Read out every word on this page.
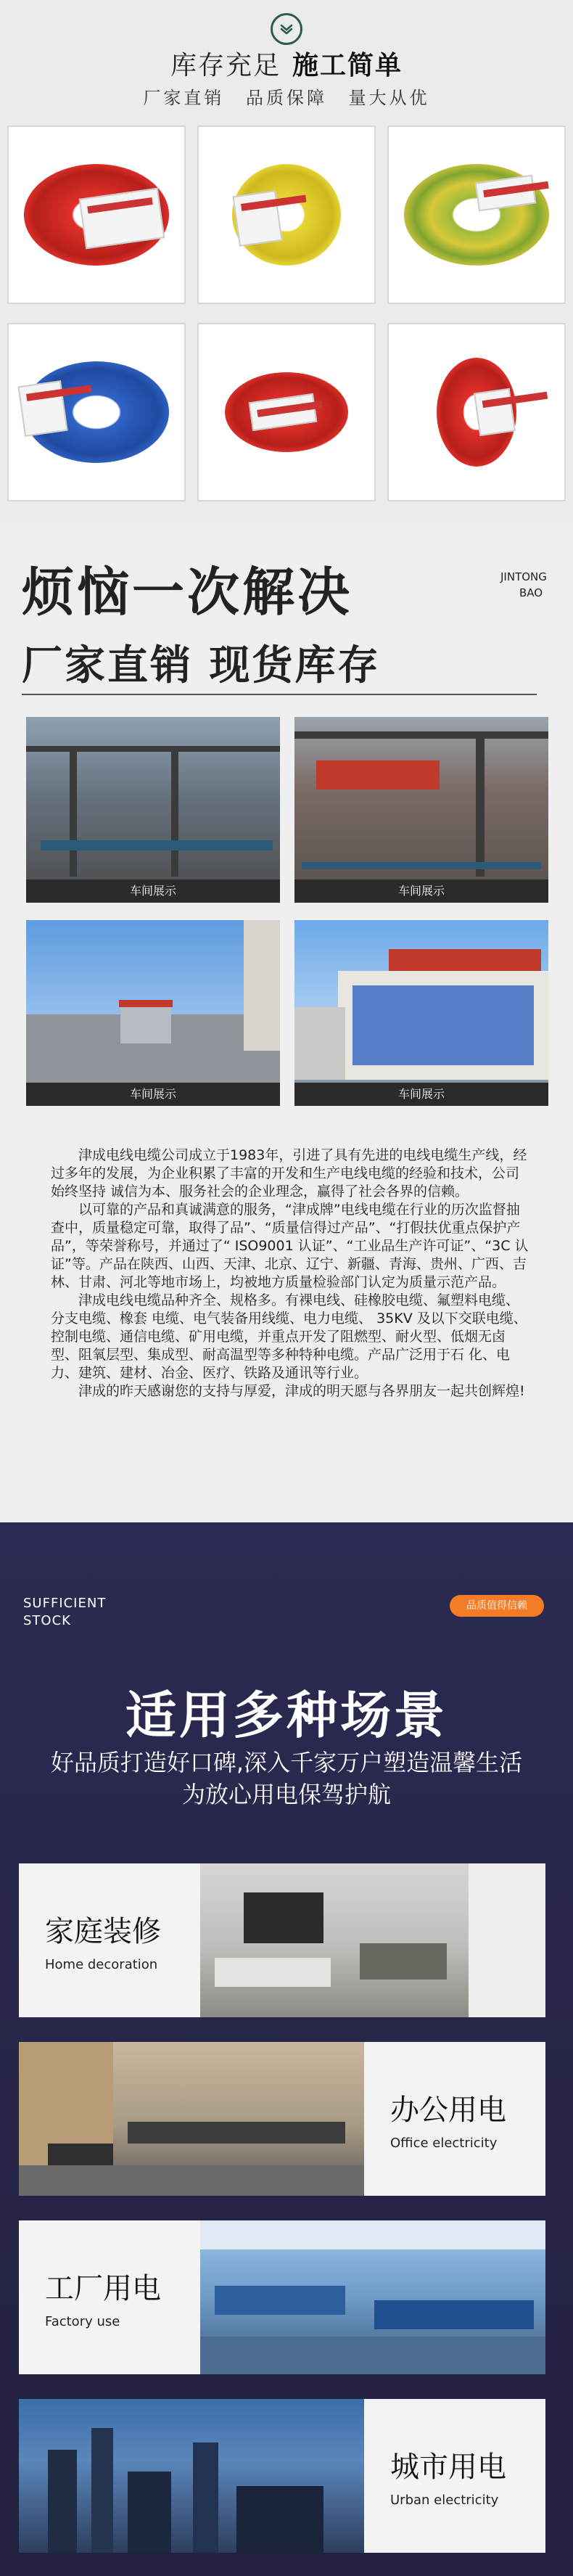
库存充足 施工简单
厂家直销 品质保障 量大从优
烦恼一次解决	JINTONG
BAO
厂家直销 现货库存
车间展示	车间展示
车间展示	车间展示

津成电线电缆公司成立于1983年，引进了具有先进的电线电缆生产线，经过多年的发展，为企业积累了丰富的开发和生产电线电缆的经验和技术，公司始终坚持 诚信为本、服务社会的企业理念，赢得了社会各界的信赖。

以可靠的产品和真诚满意的服务，“津成牌”电线电缆在行业的历次监督抽查中，质量稳定可靠，取得了品”、“质量信得过产品”、“打假扶优重点保护产品”，等荣誉称号，并通过了“ ISO9001 认证”、“工业品生产许可证”、“3C 认证”等。产品在陕西、山西、天津、北京、辽宁、新疆、青海、贵州、广西、吉林、甘肃、河北等地市场上，均被地方质量检验部门认定为质量示范产品。

津成电线电缆品种齐全、规格多。有裸电线、硅橡胶电缆、氟塑料电缆、分支电缆、橡套 电缆、电气装备用线缆、电力电缆、 35KV 及以下交联电缆、控制电缆、通信电缆、矿用电缆，并重点开发了阻燃型、耐火型、低烟无卤型、阻氧层型、集成型、耐高温型等多种特种电缆。产品广泛用于石 化、电力、建筑、建材、冶金、医疗、铁路及通讯等行业。

津成的昨天感谢您的支持与厚爱，津成的明天愿与各界朋友一起共创辉煌!

SUFFICIENT
STOCK
品质值得信赖
适用多种场景
好品质打造好口碑,深入千家万户塑造温馨生活
为放心用电保驾护航
家庭装修
Home decoration
办公用电
Office electricity
工厂用电
Factory use
城市用电
Urban electricity
